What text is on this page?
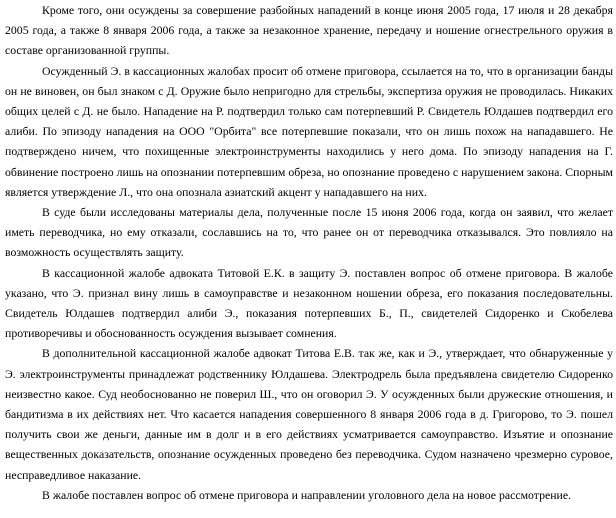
Кроме того, они осуждены за совершение разбойных нападений в конце июня 2005 года, 17 июля и 28 декабря 2005 года, а также 8 января 2006 года, а также за незаконное хранение, передачу и ношение огнестрельного оружия в составе организованной группы.

Осужденный Э. в кассационных жалобах просит об отмене приговора, ссылается на то, что в организации банды он не виновен, он был знаком с Д. Оружие было непригодно для стрельбы, экспертиза оружия не проводилась. Никаких общих целей с Д. не было. Нападение на Р. подтвердил только сам потерпевший Р. Свидетель Юлдашев подтвердил его алиби. По эпизоду нападения на ООО "Орбита" все потерпевшие показали, что он лишь похож на нападавшего. Не подтверждено ничем, что похищенные электроинструменты находились у него дома. По эпизоду нападения на Г. обвинение построено лишь на опознании потерпевшим обреза, но опознание проведено с нарушением закона. Спорным является утверждение Л., что она опознала азиатский акцент у нападавшего на них.

В суде были исследованы материалы дела, полученные после 15 июня 2006 года, когда он заявил, что желает иметь переводчика, но ему отказали, сославшись на то, что ранее он от переводчика отказывался. Это повлияло на возможность осуществлять защиту.

В кассационной жалобе адвоката Титовой Е.К. в защиту Э. поставлен вопрос об отмене приговора. В жалобе указано, что Э. признал вину лишь в самоуправстве и незаконном ношении обреза, его показания последовательны. Свидетель Юлдашев подтвердил алиби Э., показания потерпевших Б., П., свидетелей Сидоренко и Скобелева противоречивы и обоснованность осуждения вызывает сомнения.

В дополнительной кассационной жалобе адвокат Титова Е.В. так же, как и Э., утверждает, что обнаруженные у Э. электроинструменты принадлежат родственнику Юлдашева. Электродрель была предъявлена свидетелю Сидоренко неизвестно какое. Суд необоснованно не поверил Ш., что он оговорил Э. У осужденных были дружеские отношения, и бандитизма в их действиях нет. Что касается нападения совершенного 8 января 2006 года в д. Григорово, то Э. пошел получить свои же деньги, данные им в долг и в его действиях усматривается самоуправство. Изъятие и опознание вещественных доказательств, опознание осужденных проведено без переводчика. Судом назначено чрезмерно суровое, несправедливое наказание.

В жалобе поставлен вопрос об отмене приговора и направлении уголовного дела на новое рассмотрение.
